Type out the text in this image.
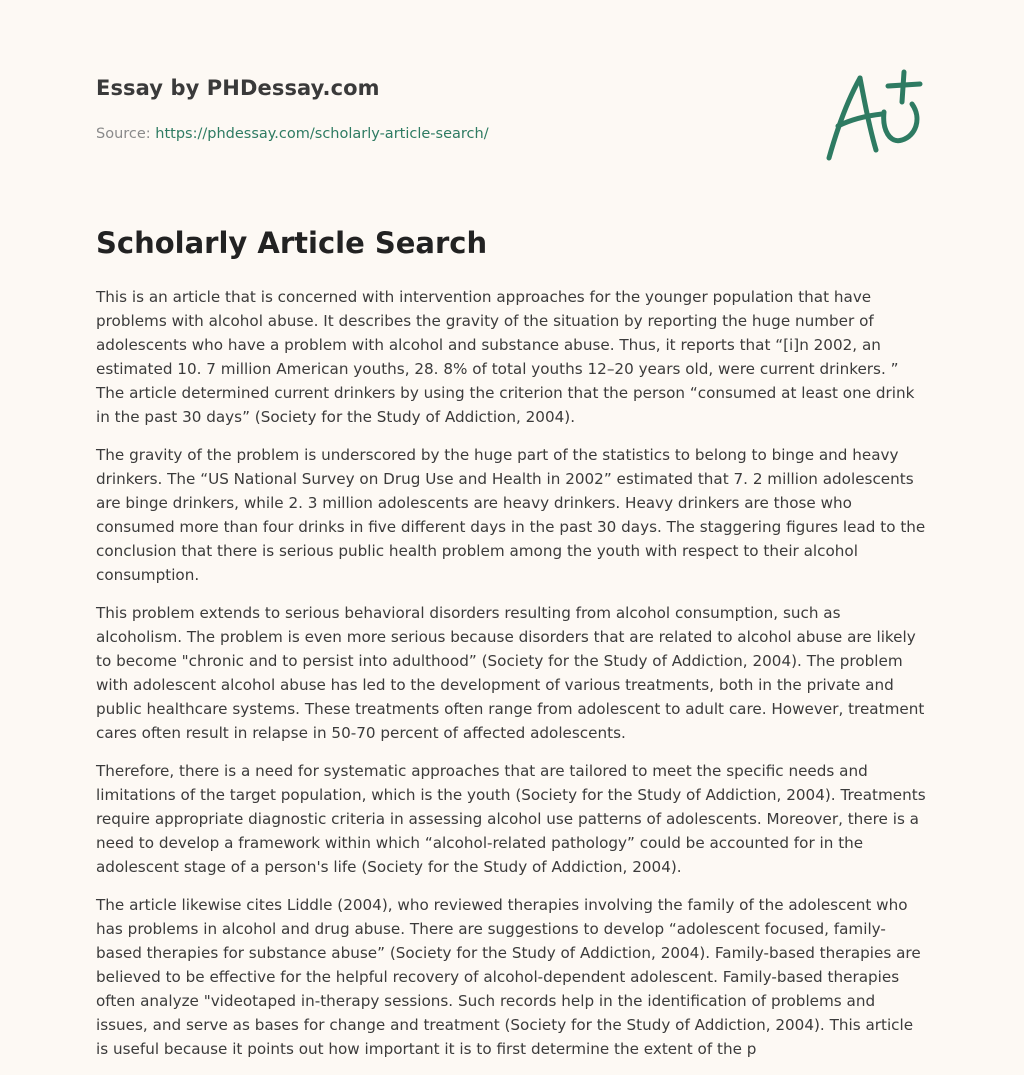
Essay by PHDessay.com
Source: https://phdessay.com/scholarly-article-search/
Scholarly Article Search

This is an article that is concerned with intervention approaches for the younger population that have problems with alcohol abuse. It describes the gravity of the situation by reporting the huge number of adolescents who have a problem with alcohol and substance abuse. Thus, it reports that “[i]n 2002, an estimated 10. 7 million American youths, 28. 8% of total youths 12–20 years old, were current drinkers. ” The article determined current drinkers by using the criterion that the person “consumed at least one drink in the past 30 days” (Society for the Study of Addiction, 2004).

The gravity of the problem is underscored by the huge part of the statistics to belong to binge and heavy drinkers. The “US National Survey on Drug Use and Health in 2002” estimated that 7. 2 million adolescents are binge drinkers, while 2. 3 million adolescents are heavy drinkers. Heavy drinkers are those who consumed more than four drinks in five different days in the past 30 days. The staggering figures lead to the conclusion that there is serious public health problem among the youth with respect to their alcohol consumption.

This problem extends to serious behavioral disorders resulting from alcohol consumption, such as alcoholism. The problem is even more serious because disorders that are related to alcohol abuse are likely to become "chronic and to persist into adulthood” (Society for the Study of Addiction, 2004). The problem with adolescent alcohol abuse has led to the development of various treatments, both in the private and public healthcare systems. These treatments often range from adolescent to adult care. However, treatment cares often result in relapse in 50-70 percent of affected adolescents.

Therefore, there is a need for systematic approaches that are tailored to meet the specific needs and limitations of the target population, which is the youth (Society for the Study of Addiction, 2004). Treatments require appropriate diagnostic criteria in assessing alcohol use patterns of adolescents. Moreover, there is a need to develop a framework within which “alcohol-related pathology” could be accounted for in the adolescent stage of a person's life (Society for the Study of Addiction, 2004).

The article likewise cites Liddle (2004), who reviewed therapies involving the family of the adolescent who has problems in alcohol and drug abuse. There are suggestions to develop “adolescent focused, family-based therapies for substance abuse” (Society for the Study of Addiction, 2004). Family-based therapies are believed to be effective for the helpful recovery of alcohol-dependent adolescent. Family-based therapies often analyze "videotaped in-therapy sessions. Such records help in the identification of problems and issues, and serve as bases for change and treatment (Society for the Study of Addiction, 2004). This article is useful because it points out how important it is to first determine the extent of the p
